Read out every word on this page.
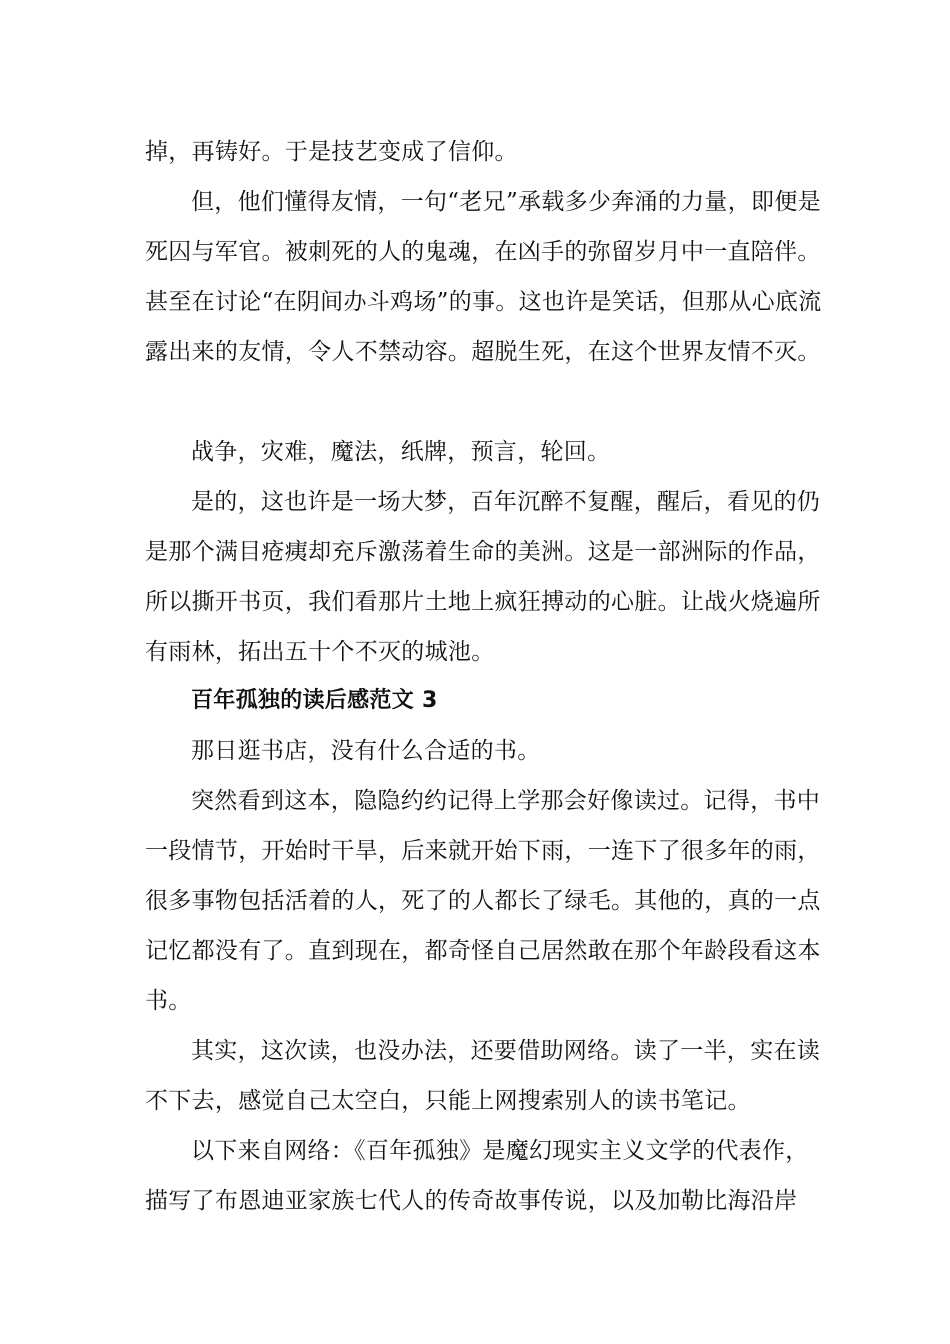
掉，再铸好。于是技艺变成了信仰。

但，他们懂得友情，一句“老兄”承载多少奔涌的力量，即便是死囚与军官。被刺死的人的鬼魂，在凶手的弥留岁月中一直陪伴。甚至在讨论“在阴间办斗鸡场”的事。这也许是笑话，但那从心底流露出来的友情，令人不禁动容。超脱生死，在这个世界友情不灭。

战争，灾难，魔法，纸牌，预言，轮回。

是的，这也许是一场大梦，百年沉醉不复醒，醒后，看见的仍是那个满目疮痍却充斥激荡着生命的美洲。这是一部洲际的作品，所以撕开书页，我们看那片土地上疯狂搏动的心脏。让战火烧遍所有雨林，拓出五十个不灭的城池。

百年孤独的读后感范文 3

那日逛书店，没有什么合适的书。

突然看到这本，隐隐约约记得上学那会好像读过。记得，书中一段情节，开始时干旱，后来就开始下雨，一连下了很多年的雨，很多事物包括活着的人，死了的人都长了绿毛。其他的，真的一点记忆都没有了。直到现在，都奇怪自己居然敢在那个年龄段看这本书。

其实，这次读，也没办法，还要借助网络。读了一半，实在读不下去，感觉自己太空白，只能上网搜索别人的读书笔记。

以下来自网络：《百年孤独》是魔幻现实主义文学的代表作，描写了布恩迪亚家族七代人的传奇故事传说，以及加勒比海沿岸
